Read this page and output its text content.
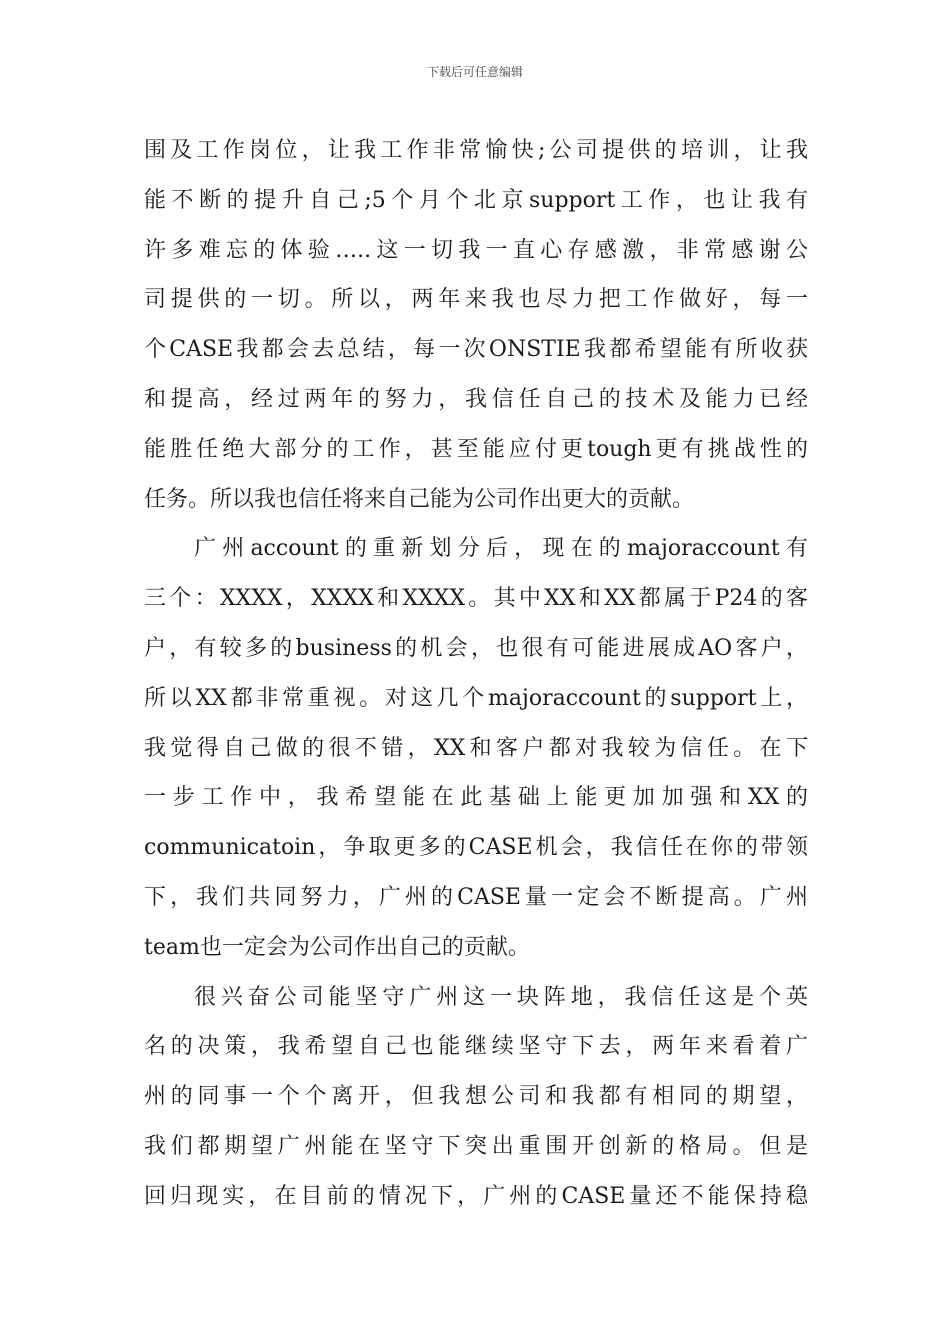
下载后可任意编辑
围及工作岗位，让我工作非常愉快;公司提供的培训，让我
能不断的提升自己;5个月个北京support工作，也让我有
许多难忘的体验…..这一切我一直心存感激，非常感谢公
司提供的一切。所以，两年来我也尽力把工作做好，每一
个CASE我都会去总结，每一次ONSTIE我都希望能有所收获
和提高，经过两年的努力，我信任自己的技术及能力已经
能胜任绝大部分的工作，甚至能应付更tough更有挑战性的
任务。所以我也信任将来自己能为公司作出更大的贡献。
广州account的重新划分后，现在的majoraccount有
三个：XXXX，XXXX和XXXX。其中XX和XX都属于P24的客
户，有较多的business的机会，也很有可能进展成AO客户，
所以XX都非常重视。对这几个majoraccount的support上，
我觉得自己做的很不错，XX和客户都对我较为信任。在下
一步工作中，我希望能在此基础上能更加加强和XX的
communicatoin，争取更多的CASE机会，我信任在你的带领
下，我们共同努力，广州的CASE量一定会不断提高。广州
team也一定会为公司作出自己的贡献。
很兴奋公司能坚守广州这一块阵地，我信任这是个英
名的决策，我希望自己也能继续坚守下去，两年来看着广
州的同事一个个离开，但我想公司和我都有相同的期望，
我们都期望广州能在坚守下突出重围开创新的格局。但是
回归现实，在目前的情况下，广州的CASE量还不能保持稳
